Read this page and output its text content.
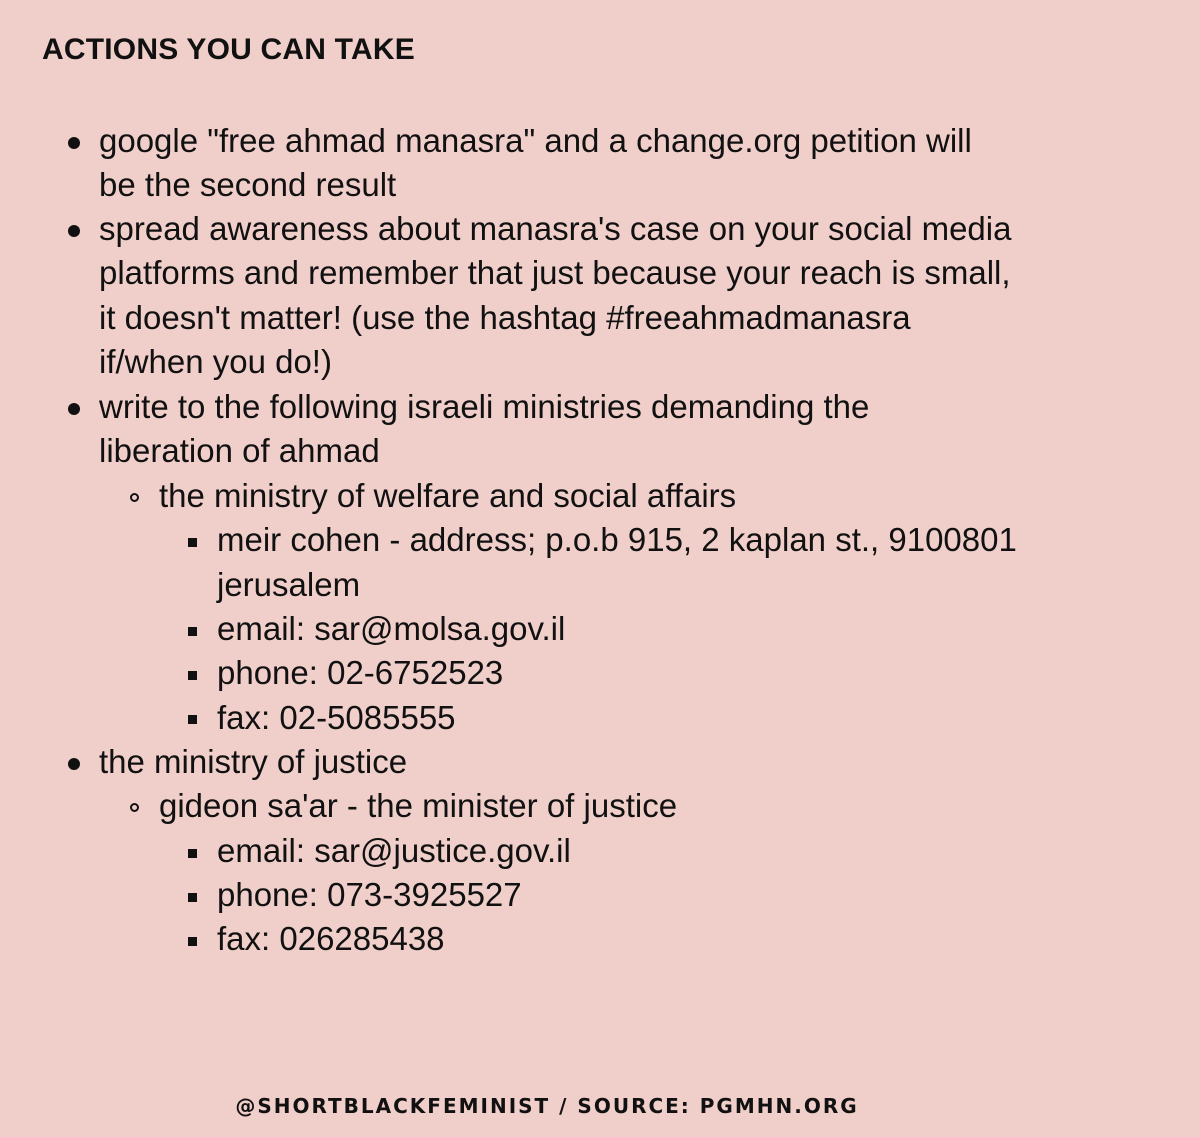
ACTIONS YOU CAN TAKE

google "free ahmad manasra" and a change.org petition will

be the second result

spread awareness about manasra's case on your social media

platforms and remember that just because your reach is small,

it doesn't matter! (use the hashtag #freeahmadmanasra

if/when you do!)

write to the following israeli ministries demanding the

liberation of ahmad

the ministry of welfare and social affairs

meir cohen - address; p.o.b 915, 2 kaplan st., 9100801

jerusalem

email: sar@molsa.gov.il

phone: 02-6752523

fax: 02-5085555

the ministry of justice

gideon sa'ar - the minister of justice

email: sar@justice.gov.il

phone: 073-3925527

fax: 026285438

@SHORTBLACKFEMINIST / SOURCE: PGMHN.ORG
